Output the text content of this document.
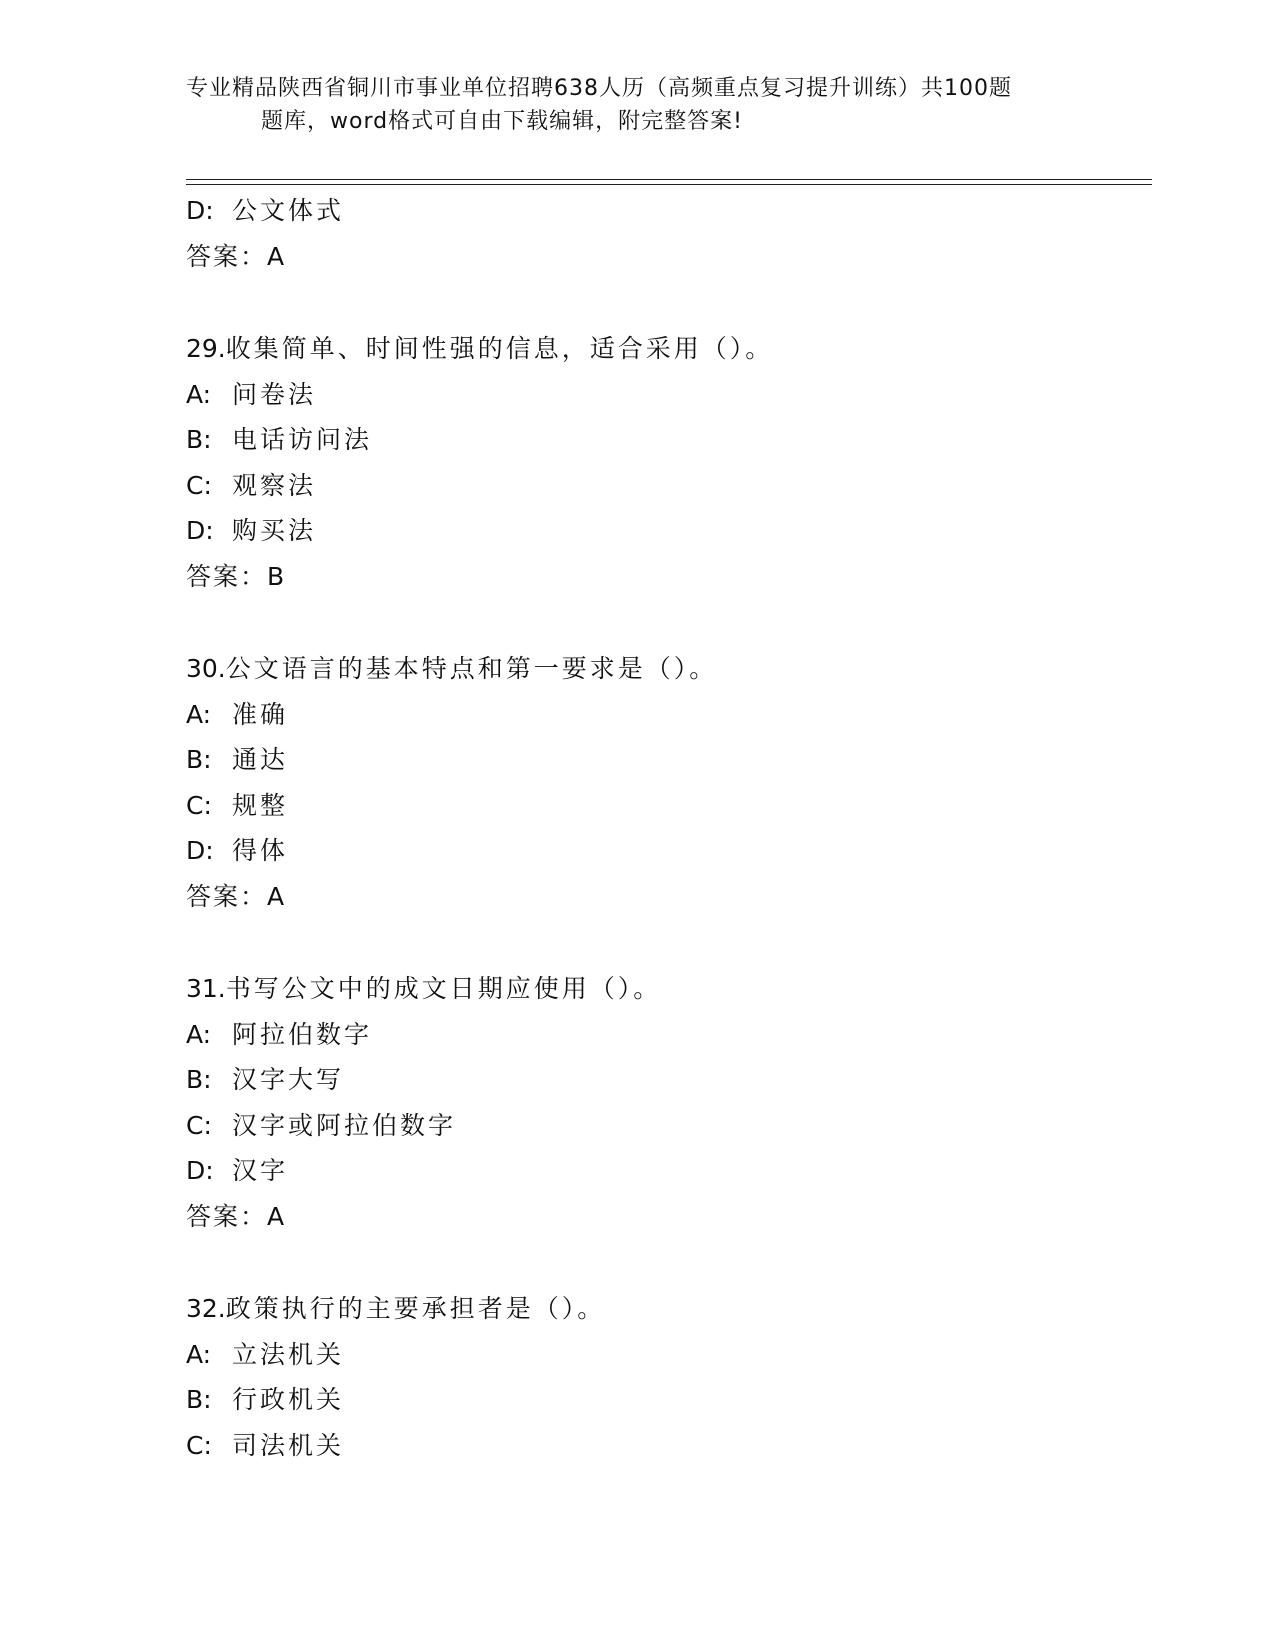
专业精品陕西省铜川市事业单位招聘638人历（高频重点复习提升训练）共100题
题库，word格式可自由下载编辑，附完整答案!
D: 公文体式
答案：A
29.收集简单、时间性强的信息，适合采用（）。
A: 问卷法
B: 电话访问法
C: 观察法
D: 购买法
答案：B
30.公文语言的基本特点和第一要求是（）。
A: 准确
B: 通达
C: 规整
D: 得体
答案：A
31.书写公文中的成文日期应使用（）。
A: 阿拉伯数字
B: 汉字大写
C: 汉字或阿拉伯数字
D: 汉字
答案：A
32.政策执行的主要承担者是（）。
A: 立法机关
B: 行政机关
C: 司法机关
